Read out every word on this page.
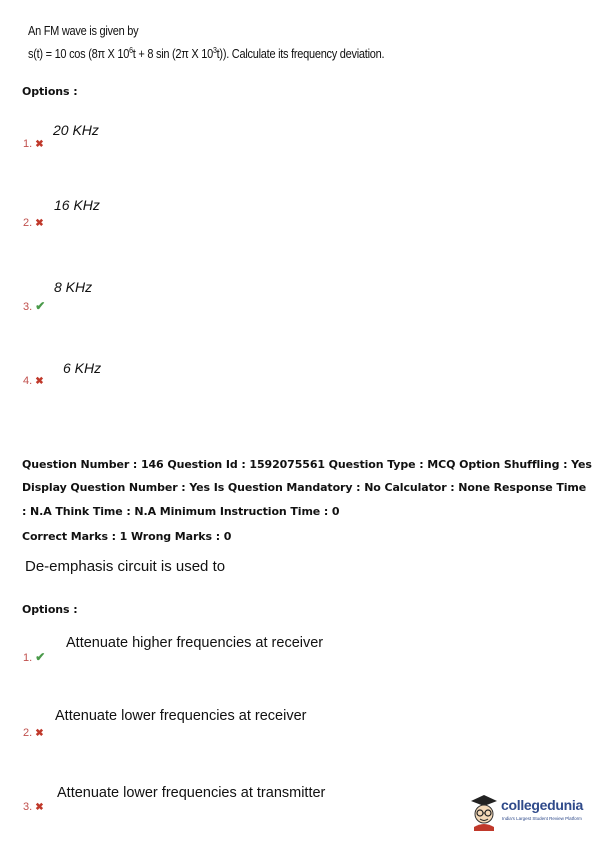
An FM wave is given by
s(t) = 10 cos (8π X $10^6t + 8$ sin (2π X $10^3t$)). Calculate its frequency deviation.
Options :
20 KHz
1. ✖
16 KHz
2. ✖
8 KHz
3. ✔
6 KHz
4. ✖
Question Number : 146 Question Id : 1592075561 Question Type : MCQ Option Shuffling : Yes
Display Question Number : Yes Is Question Mandatory : No Calculator : None Response Time
: N.A Think Time : N.A Minimum Instruction Time : 0
Correct Marks : 1 Wrong Marks : 0
De-emphasis circuit is used to
Options :
Attenuate higher frequencies at receiver
1. ✔
Attenuate lower frequencies at receiver
2. ✖
Attenuate lower frequencies at transmitter
3. ✖	collegedunia
India's Largest Student Review Platform
